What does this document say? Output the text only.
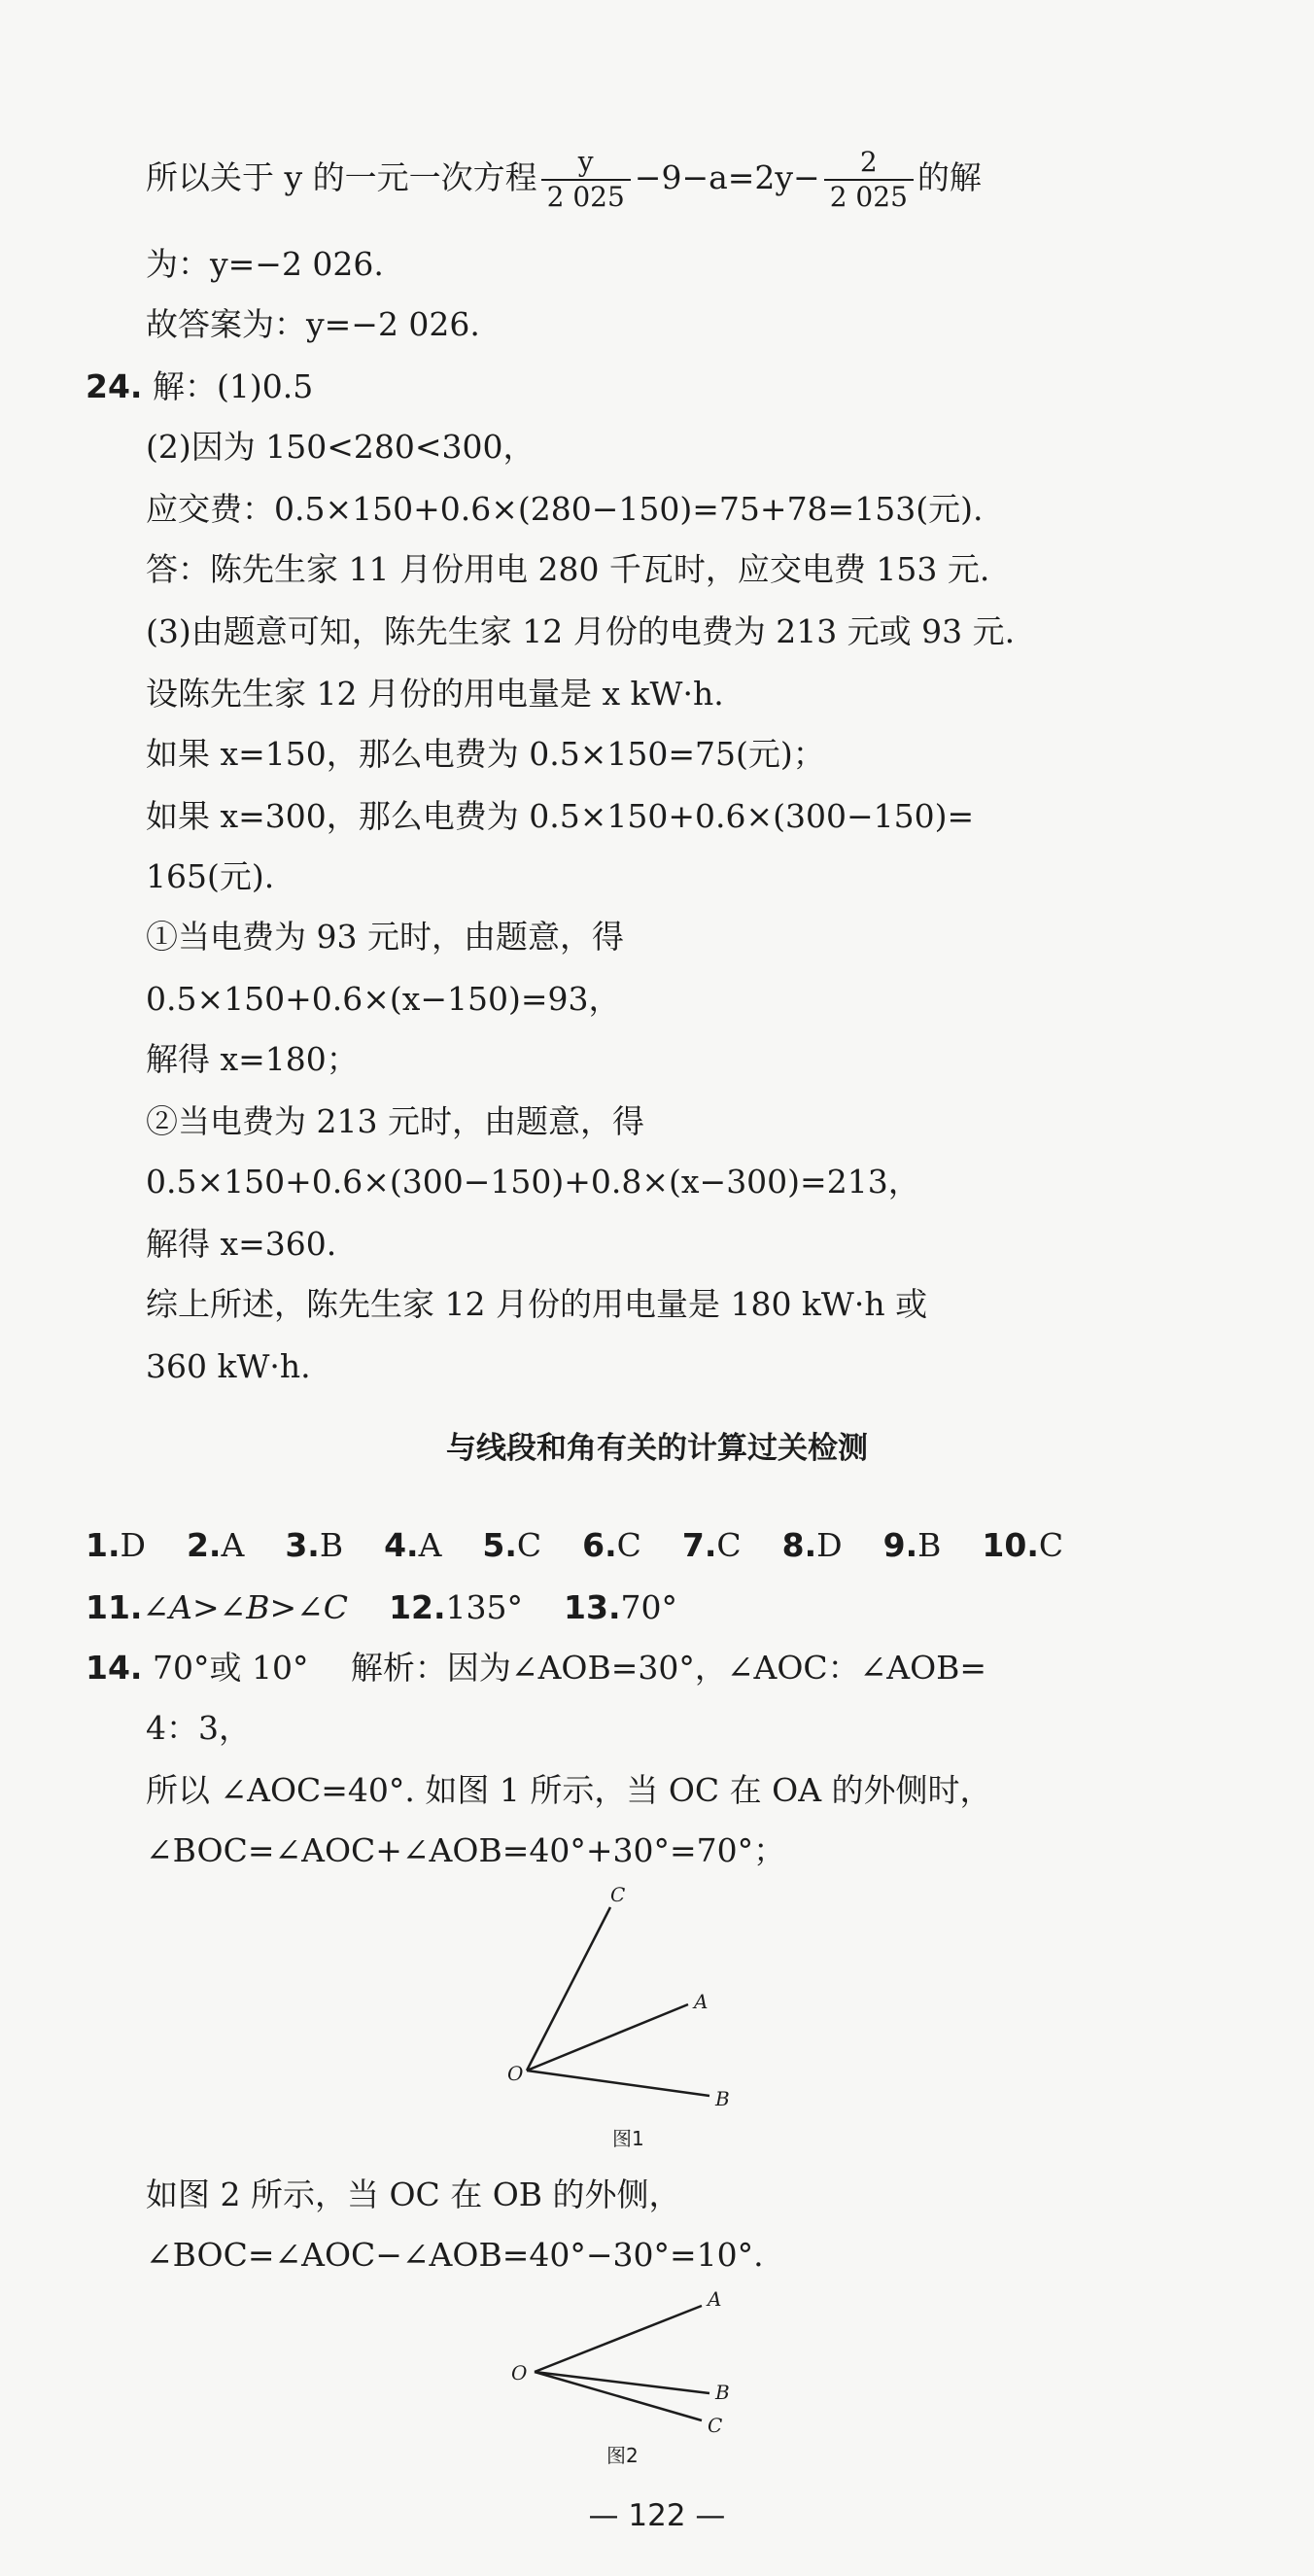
所以关于 y 的一元一次方程 $\frac{y}{2 025} -9-a=2y- \frac{2}{2 025}$ 的解
为：y=−2 026.
故答案为：y=−2 026.
24. 解：(1)0.5
(2)因为 150<280<300，
应交费：0.5×150+0.6×(280−150)=75+78=153(元).
答：陈先生家 11 月份用电 280 千瓦时，应交电费 153 元.
(3)由题意可知，陈先生家 12 月份的电费为 213 元或 93 元.
设陈先生家 12 月份的用电量是 x kW·h.
如果 x=150，那么电费为 0.5×150=75(元)；
如果 x=300，那么电费为 0.5×150+0.6×(300−150)=
165(元).
①当电费为 93 元时，由题意，得
0.5×150+0.6×(x−150)=93，
解得 x=180；
②当电费为 213 元时，由题意，得
0.5×150+0.6×(300−150)+0.8×(x−300)=213，
解得 x=360.
综上所述，陈先生家 12 月份的用电量是 180 kW·h 或
360 kW·h.
与线段和角有关的计算过关检测
1.D 2.A 3.B 4.A 5.C 6.C 7.C 8.D 9.B 10.C
11.∠A>∠B>∠C 12.135° 13.70°
14. 70°或 10°　 解析：因为∠AOB=30°，∠AOC：∠AOB=
4：3，
所以 ∠AOC=40°. 如图 1 所示，当 OC 在 OA 的外侧时，
∠BOC=∠AOC+∠AOB=40°+30°=70°；
O
C
A
B
图1
如图 2 所示，当 OC 在 OB 的外侧，
∠BOC=∠AOC−∠AOB=40°−30°=10°.
O
A
B
C
图2
— 122 —
